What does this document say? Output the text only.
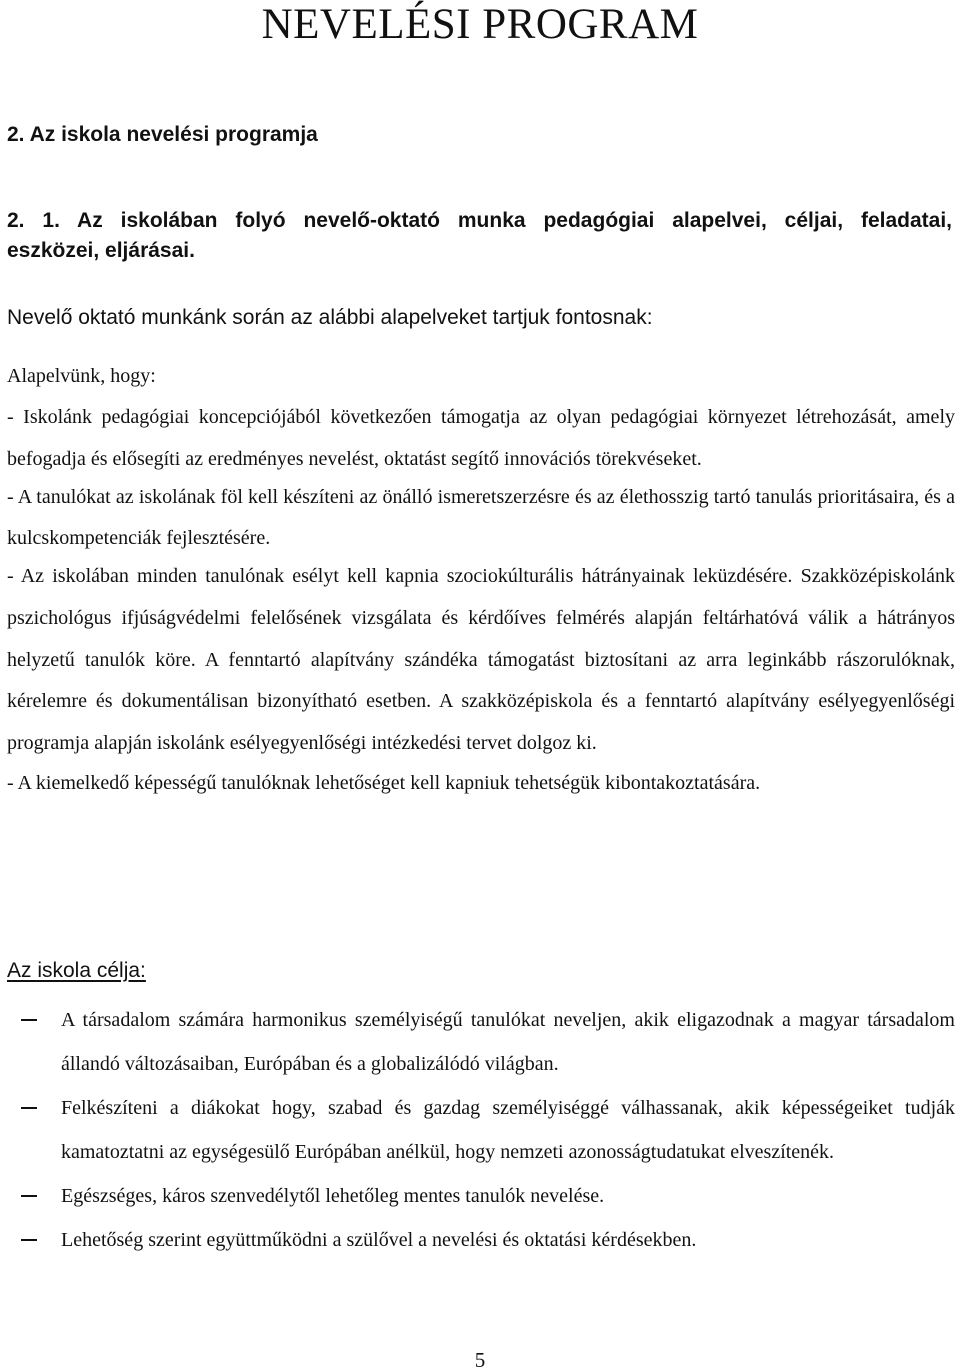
NEVELÉSI PROGRAM
2. Az iskola nevelési programja
2. 1. Az iskolában folyó nevelő-oktató munka pedagógiai alapelvei, céljai, feladatai,
eszközei, eljárásai.
Nevelő oktató munkánk során az alábbi alapelveket tartjuk fontosnak:

Alapelvünk, hogy:

- Iskolánk pedagógiai koncepciójából következően támogatja az olyan pedagógiai környezet létrehozását, amely befogadja és elősegíti az eredményes nevelést, oktatást segítő innovációs törekvéseket.

- A tanulókat az iskolának föl kell készíteni az önálló ismeretszerzésre és az élethosszig tartó tanulás prioritásaira, és a kulcskompetenciák fejlesztésére.

- Az iskolában minden tanulónak esélyt kell kapnia szociokúlturális hátrányainak leküzdésére. Szakközépiskolánk pszichológus ifjúságvédelmi felelősének vizsgálata és kérdőíves felmérés alapján feltárhatóvá válik a hátrányos helyzetű tanulók köre. A fenntartó alapítvány szándéka támogatást biztosítani az arra leginkább rászorulóknak, kérelemre és dokumentálisan bizonyítható esetben. A szakközépiskola és a fenntartó alapítvány esélyegyenlőségi programja alapján iskolánk esélyegyenlőségi intézkedési tervet dolgoz ki.

- A kiemelkedő képességű tanulóknak lehetőséget kell kapniuk tehetségük kibontakoztatására.

Az iskola célja:
A társadalom számára harmonikus személyiségű tanulókat neveljen, akik eligazodnak a magyar társadalom állandó változásaiban, Európában és a globalizálódó világban.
Felkészíteni a diákokat hogy, szabad és gazdag személyiséggé válhassanak, akik képességeiket tudják kamatoztatni az egységesülő Európában anélkül, hogy nemzeti azonosságtudatukat elveszítenék.
Egészséges, káros szenvedélytől lehetőleg mentes tanulók nevelése.
Lehetőség szerint együttműködni a szülővel a nevelési és oktatási kérdésekben.
5
